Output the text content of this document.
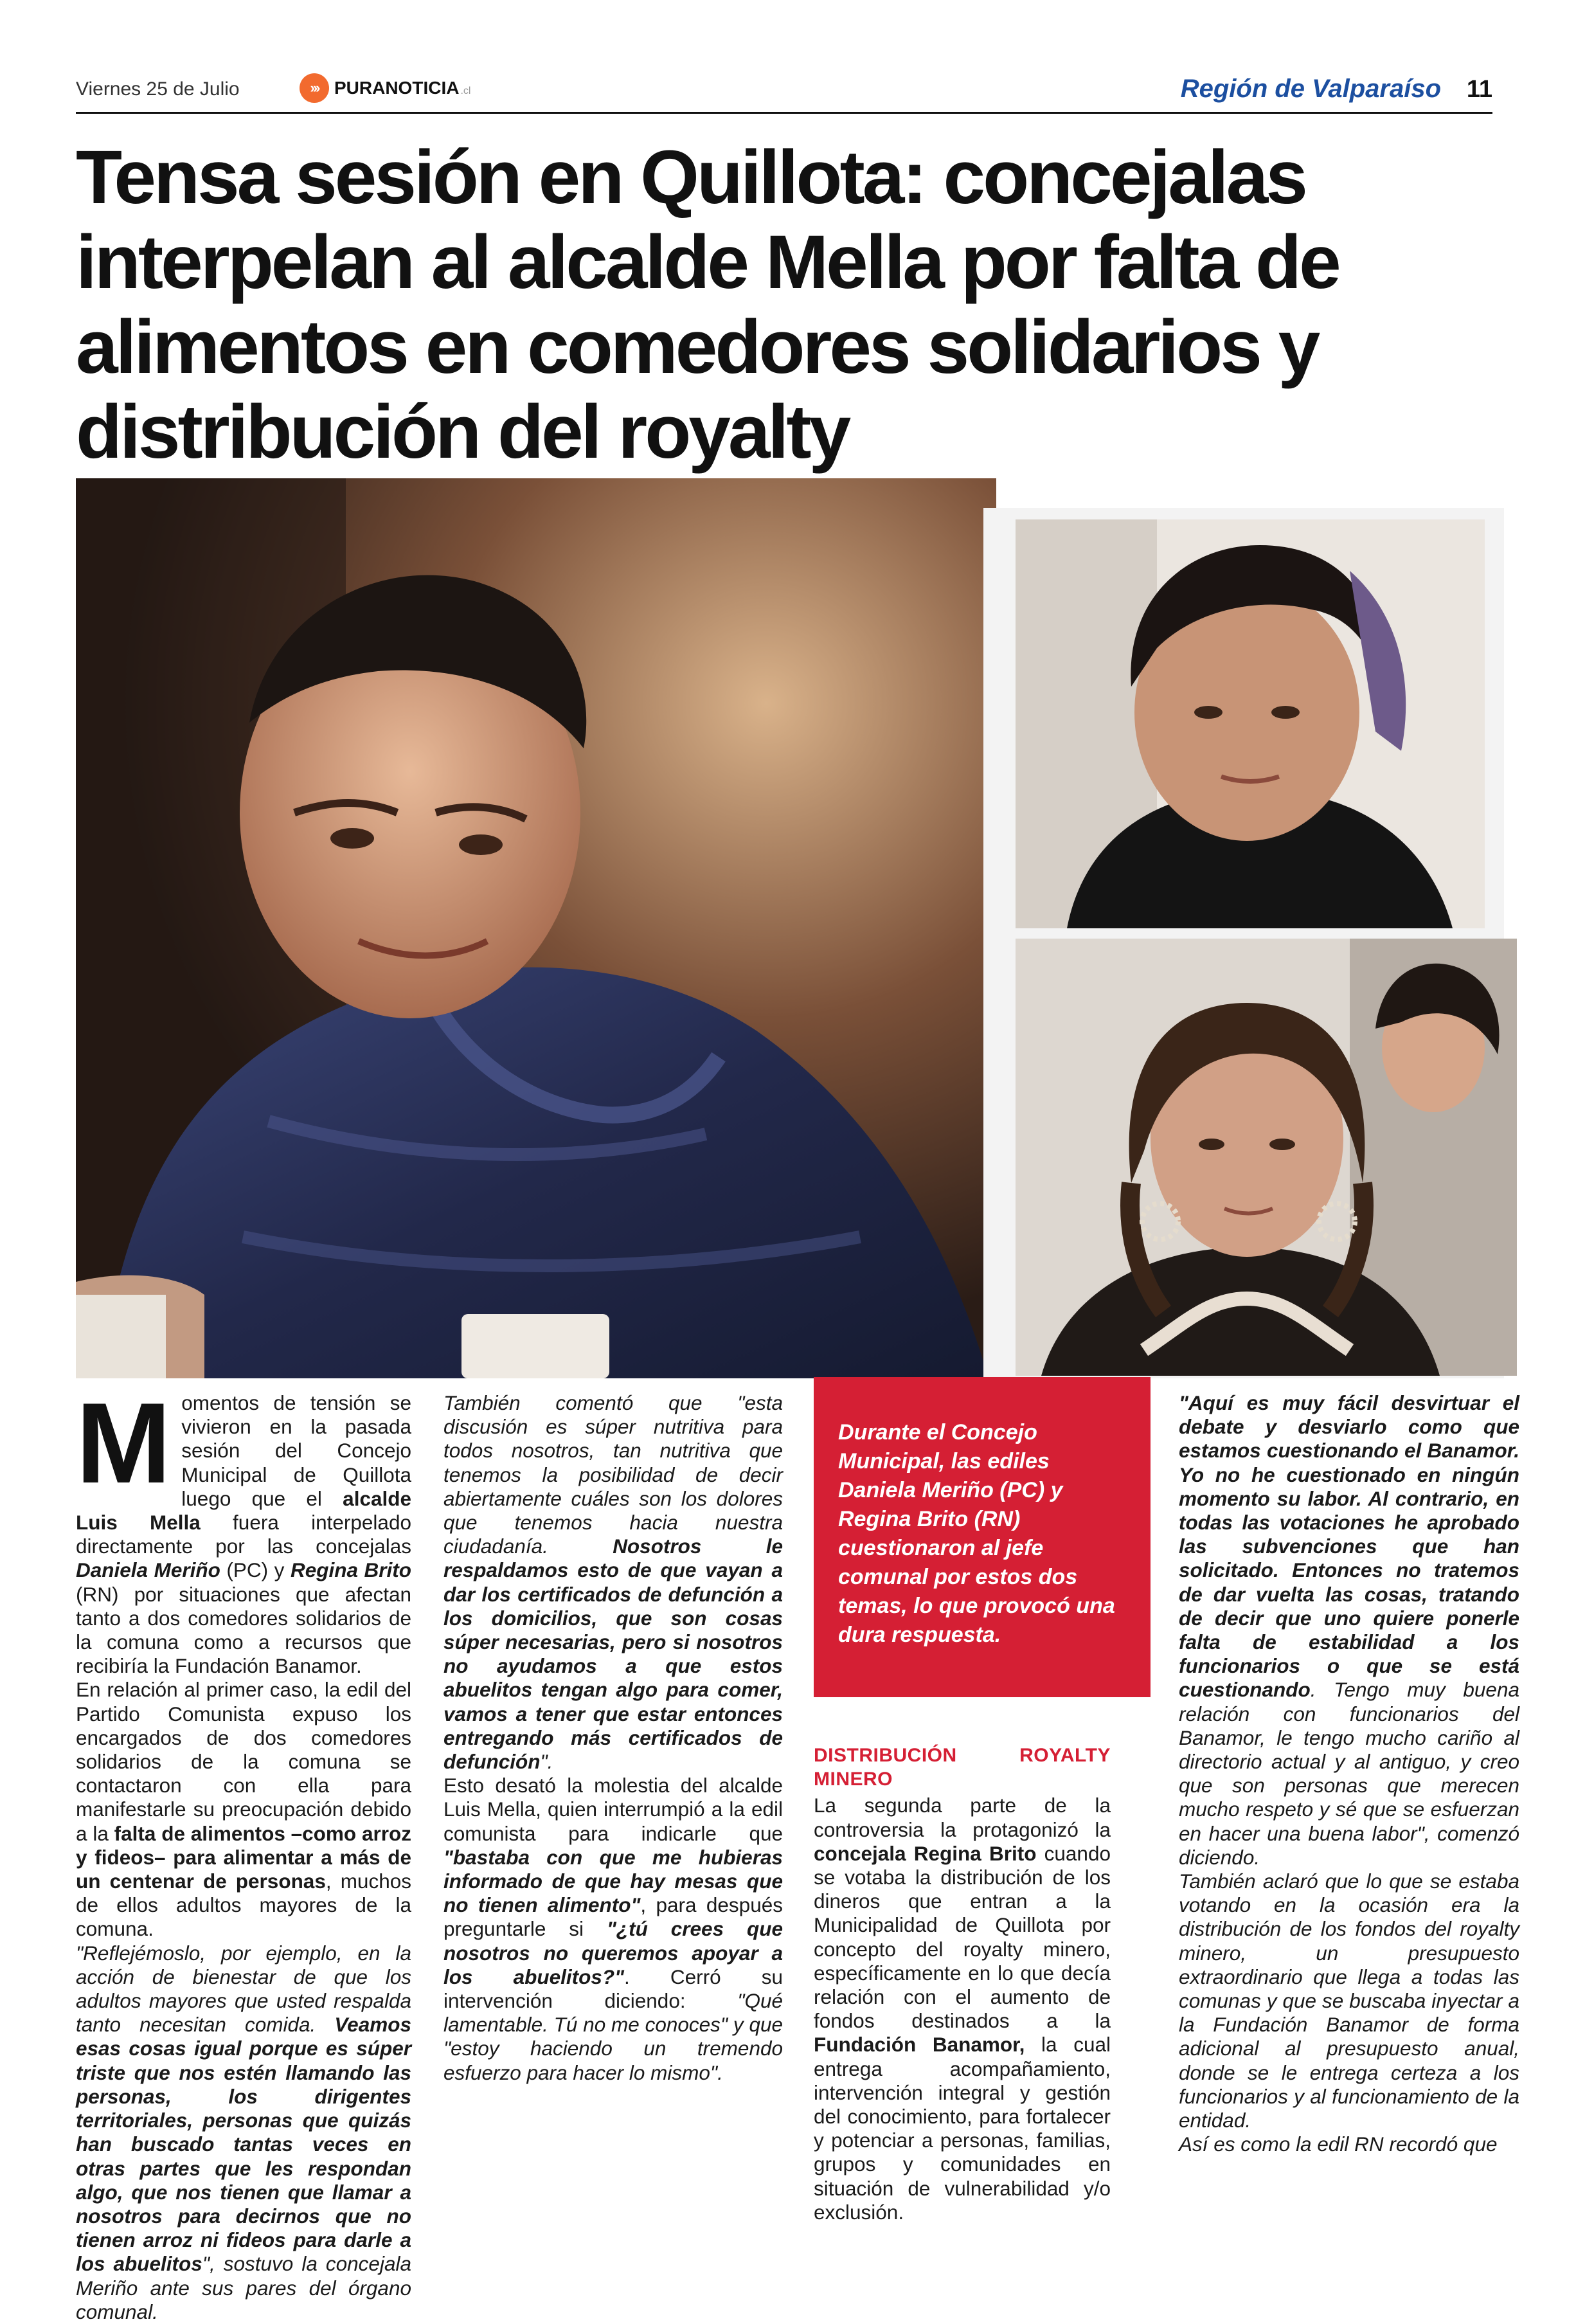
Viernes 25 de Julio	››› PURANOTICIA .cl	Región de Valparaíso 11
Tensa sesión en Quillota: concejalas interpelan al alcalde Mella por falta de alimentos en comedores solidarios y distribución del royalty
M omentos de tensión se vivieron en la pasada sesión del Concejo Municipal de Quillota luego que el alcalde Luis Mella fuera interpelado directamente por las concejalas Daniela Meriño (PC) y Regina Brito (RN) por situaciones que afectan tanto a dos comedores solidarios de la comuna como a recursos que recibiría la Fundación Banamor.

En relación al primer caso, la edil del Partido Comunista expuso los encargados de dos comedores solidarios de la comuna se contactaron con ella para manifestarle su preocupación debido a la falta de alimentos –como arroz y fideos– para alimentar a más de un centenar de personas, muchos de ellos adultos mayores de la comuna.

"Reflejémoslo, por ejemplo, en la acción de bienestar de que los adultos mayores que usted respalda tanto necesitan comida. Veamos esas cosas igual porque es súper triste que nos estén llamando las personas, los dirigentes territoriales, personas que quizás han buscado tantas veces en otras partes que les respondan algo, que nos tienen que llamar a nosotros para decirnos que no tienen arroz ni fideos para darle a los abuelitos", sostuvo la concejala Meriño ante sus pares del órgano comunal.

También comentó que "esta discusión es súper nutritiva para todos nosotros, tan nutritiva que tenemos la posibilidad de decir abiertamente cuáles son los dolores que tenemos hacia nuestra ciudadanía. Nosotros le respaldamos esto de que vayan a dar los certificados de defunción a los domicilios, que son cosas súper necesarias, pero si nosotros no ayudamos a que estos abuelitos tengan algo para comer, vamos a tener que estar entonces entregando más certificados de defunción".

Esto desató la molestia del alcalde Luis Mella, quien interrumpió a la edil comunista para indicarle que "bastaba con que me hubieras informado de que hay mesas que no tienen alimento", para después preguntarle si "¿tú crees que nosotros no queremos apoyar a los abuelitos?". Cerró su intervención diciendo: "Qué lamentable. Tú no me conoces" y que "estoy haciendo un tremendo esfuerzo para hacer lo mismo".

Durante el Concejo Municipal, las ediles Daniela Meriño (PC) y Regina Brito (RN) cuestionaron al jefe comunal por estos dos temas, lo que provocó una dura respuesta.
DISTRIBUCIÓN ROYALTY MINERO

La segunda parte de la controversia la protagonizó la concejala Regina Brito cuando se votaba la distribución de los dineros que entran a la Municipalidad de Quillota por concepto del royalty minero, específicamente en lo que decía relación con el aumento de fondos destinados a la Fundación Banamor, la cual entrega acompañamiento, intervención integral y gestión del conocimiento, para fortalecer y potenciar a personas, familias, grupos y comunidades en situación de vulnerabilidad y/o exclusión.

"Aquí es muy fácil desvirtuar el debate y desviarlo como que estamos cuestionando el Banamor. Yo no he cuestionado en ningún momento su labor. Al contrario, en todas las votaciones he aprobado las subvenciones que han solicitado. Entonces no tratemos de dar vuelta las cosas, tratando de decir que uno quiere ponerle falta de estabilidad a los funcionarios o que se está cuestionando. Tengo muy buena relación con funcionarios del Banamor, le tengo mucho cariño al directorio actual y al antiguo, y creo que son personas que merecen mucho respeto y sé que se esfuerzan en hacer una buena labor", comenzó diciendo.

También aclaró que lo que se estaba votando en la ocasión era la distribución de los fondos del royalty minero, un presupuesto extraordinario que llega a todas las comunas y que se buscaba inyectar a la Fundación Banamor de forma adicional al presupuesto anual, donde se le entrega certeza a los funcionarios y al funcionamiento de la entidad.

Así es como la edil RN recordó que
